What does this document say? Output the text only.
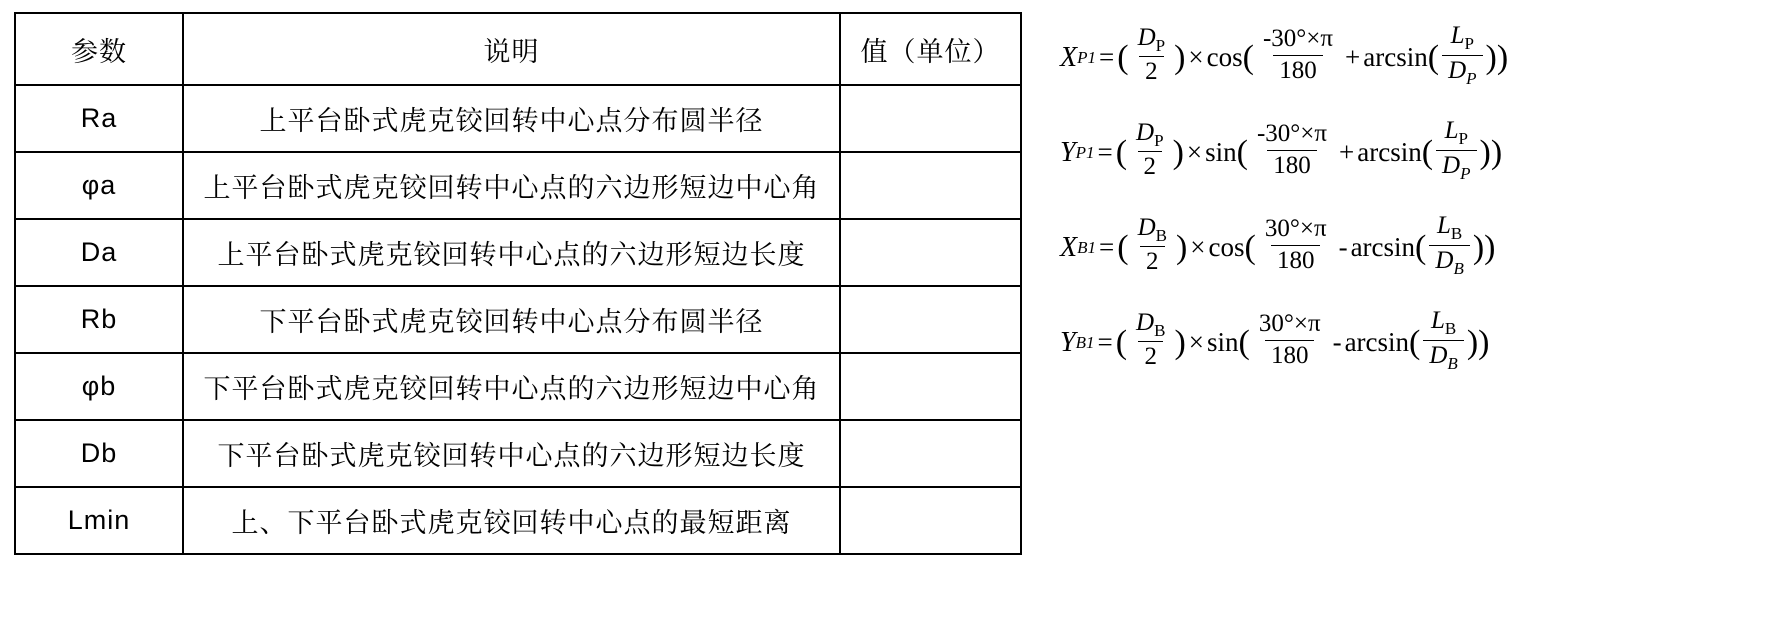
参数	说明	值（单位）
Ra	上平台卧式虎克铰回转中心点分布圆半径	
φa	上平台卧式虎克铰回转中心点的六边形短边中心角	
Da	上平台卧式虎克铰回转中心点的六边形短边长度	
Rb	下平台卧式虎克铰回转中心点分布圆半径	
φb	下平台卧式虎克铰回转中心点的六边形短边中心角	
Db	下平台卧式虎克铰回转中心点的六边形短边长度	
Lmin	上、下平台卧式虎克铰回转中心点的最短距离	
X P1 = ( $\frac{D_P}{2}$ ) × cos ( $\frac{-30^\circ\times\pi}{180} + \arcsin$ ( $\frac{L_P}{D_P}$ ))
Y P1 = ( $\frac{D_P}{2}$ ) × sin ( $\frac{-30^\circ\times\pi}{180} + \arcsin$ ( $\frac{L_P}{D_P}$ ))
X B1 = ( $\frac{D_B}{2}$ ) × cos ( $\frac{30^\circ\times\pi}{180}$ - arcsin ( $\frac{L_B}{D_B}$ ))
Y B1 = ( $\frac{D_B}{2}$ ) × sin ( $\frac{30^\circ\times\pi}{180}$ - arcsin ( $\frac{L_B}{D_B}$ ))
